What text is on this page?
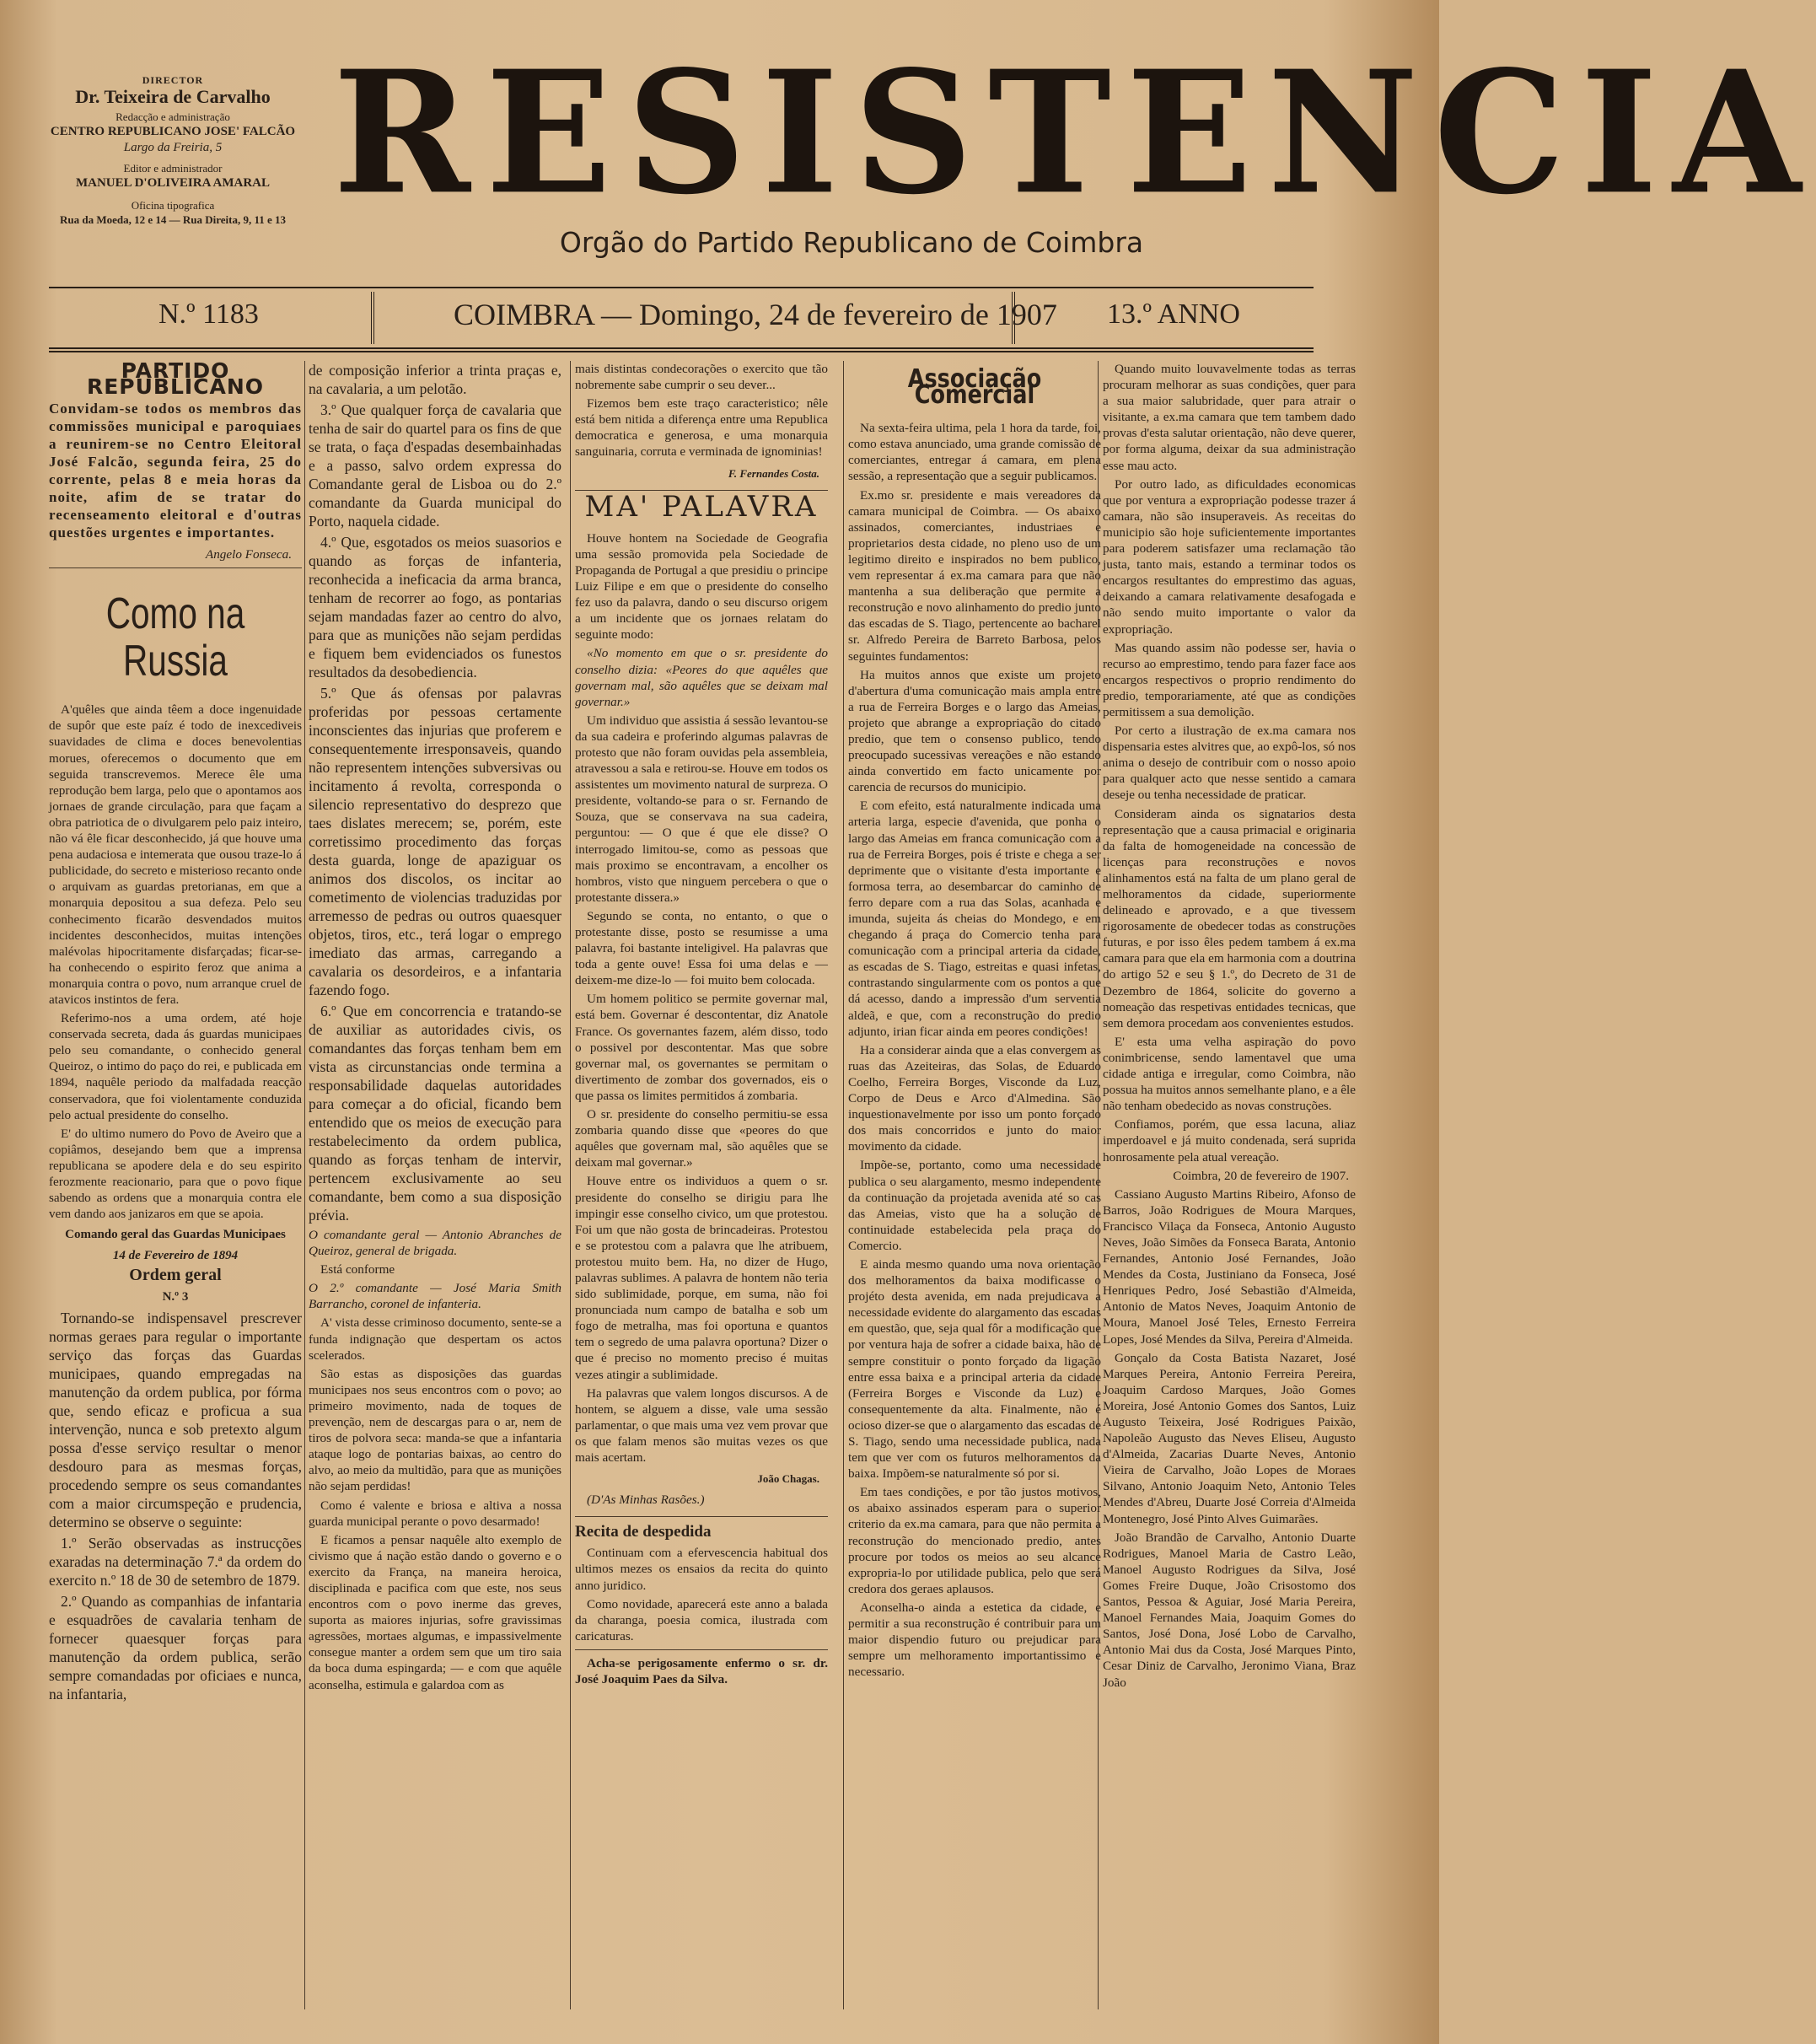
DIRECTOR
Dr. Teixeira de Carvalho
Redacção e administração
CENTRO REPUBLICANO JOSE' FALCÃO
Largo da Freiria, 5
Editor e administrador
MANUEL D'OLIVEIRA AMARAL
Oficina tipografica
Rua da Moeda, 12 e 14 — Rua Direita, 9, 11 e 13 RESISTENCIA
Orgão do Partido Republicano de Coimbra
N.º 1183	COIMBRA — Domingo, 24 de fevereiro de 1907 13.º ANNO
PARTIDO REPUBLICANO
Convidam-se todos os membros das commissões municipal e paroquiaes a reunirem-se no Centro Eleitoral José Falcão, segunda feira, 25 do corrente, pelas 8 e meia horas da noite, afim de se tratar do recenseamento eleitoral e d'outras questões urgentes e importantes.
Angelo Fonseca.
Como na Russia

A'quêles que ainda têem a doce ingenuidade de supôr que este paíz é todo de inexcediveis suavidades de clima e doces benevolentias morues, oferecemos o documento que em seguida transcrevemos. Merece êle uma reprodução bem larga, pelo que o apontamos aos jornaes de grande circulação, para que façam a obra patriotica de o divulgarem pelo paiz inteiro, não vá êle ficar desconhecido, já que houve uma pena audaciosa e intemerata que ousou traze-lo á publicidade, do secreto e misterioso recanto onde o arquivam as guardas pretorianas, em que a monarquia depositou a sua defeza. Pelo seu conhecimento ficarão desvendados muitos incidentes desconhecidos, muitas intenções malévolas hipocritamente disfarçadas; ficar-se-ha conhecendo o espirito feroz que anima a monarquia contra o povo, num arranque cruel de atavicos instintos de fera.

Referimo-nos a uma ordem, até hoje conservada secreta, dada ás guardas municipaes pelo seu comandante, o conhecido general Queiroz, o intimo do paço do rei, e publicada em 1894, naquêle periodo da malfadada reacção conservadora, que foi violentamente conduzida pelo actual presidente do conselho.

E' do ultimo numero do Povo de Aveiro que a copiâmos, desejando bem que a imprensa republicana se apodere dela e do seu espirito ferozmente reacionario, para que o povo fique sabendo as ordens que a monarquia contra ele vem dando aos janizaros em que se apoia.

Comando geral das Guardas Municipaes
14 de Fevereiro de 1894
Ordem geral
N.º 3

Tornando-se indispensavel prescrever normas geraes para regular o importante serviço das forças das Guardas municipaes, quando empregadas na manutenção da ordem publica, por fórma que, sendo eficaz e proficua a sua intervenção, nunca e sob pretexto algum possa d'esse serviço resultar o menor desdouro para as mesmas forças, procedendo sempre os seus comandantes com a maior circumspeção e prudencia, determino se observe o seguinte:

1.º Serão observadas as instrucções exaradas na determinação 7.ª da ordem do exercito n.º 18 de 30 de setembro de 1879.

2.º Quando as companhias de infantaria e esquadrões de cavalaria tenham de fornecer quaesquer forças para manutenção da ordem publica, serão sempre comandadas por oficiaes e nunca, na infantaria,

de composição inferior a trinta praças e, na cavalaria, a um pelotão.

3.º Que qualquer força de cavalaria que tenha de sair do quartel para os fins de que se trata, o faça d'espadas desembainhadas e a passo, salvo ordem expressa do Comandante geral de Lisboa ou do 2.º comandante da Guarda municipal do Porto, naquela cidade.

4.º Que, esgotados os meios suasorios e quando as forças de infanteria, reconhecida a ineficacia da arma branca, tenham de recorrer ao fogo, as pontarias sejam mandadas fazer ao centro do alvo, para que as munições não sejam perdidas e fiquem bem evidenciados os funestos resultados da desobediencia.

5.º Que ás ofensas por palavras proferidas por pessoas certamente inconscientes das injurias que proferem e consequentemente irresponsaveis, quando não representem intenções subversivas ou incitamento á revolta, corresponda o silencio representativo do desprezo que taes dislates merecem; se, porém, este corretissimo procedimento das forças desta guarda, longe de apaziguar os animos dos discolos, os incitar ao cometimento de violencias traduzidas por arremesso de pedras ou outros quaesquer objetos, tiros, etc., terá logar o emprego imediato das armas, carregando a cavalaria os desordeiros, e a infantaria fazendo fogo.

6.º Que em concorrencia e tratando-se de auxiliar as autoridades civis, os comandantes das forças tenham bem em vista as circunstancias onde termina a responsabilidade daquelas autoridades para começar a do oficial, ficando bem entendido que os meios de execução para restabelecimento da ordem publica, quando as forças tenham de intervir, pertencem exclusivamente ao seu comandante, bem como a sua disposição prévia.

O comandante geral — Antonio Abranches de Queiroz, general de brigada.

Está conforme

O 2.º comandante — José Maria Smith Barrancho, coronel de infanteria.

A' vista desse criminoso documento, sente-se a funda indignação que despertam os actos scelerados.

São estas as disposições das guardas municipaes nos seus encontros com o povo; ao primeiro movimento, nada de toques de prevenção, nem de descargas para o ar, nem de tiros de polvora seca: manda-se que a infantaria ataque logo de pontarias baixas, ao centro do alvo, ao meio da multidão, para que as munições não sejam perdidas!

Como é valente e briosa e altiva a nossa guarda municipal perante o povo desarmado!

E ficamos a pensar naquêle alto exemplo de civismo que á nação estão dando o governo e o exercito da França, na maneira heroica, disciplinada e pacifica com que este, nos seus encontros com o povo inerme das greves, suporta as maiores injurias, sofre gravissimas agressões, mortaes algumas, e impassivelmente consegue manter a ordem sem que um tiro saia da boca duma espingarda; — e com que aquêle aconselha, estimula e galardoa com as

mais distintas condecorações o exercito que tão nobremente sabe cumprir o seu dever...

Fizemos bem este traço caracteristico; nêle está bem nitida a diferença entre uma Republica democratica e generosa, e uma monarquia sanguinaria, corruta e verminada de ignominias!

F. Fernandes Costa.
MA' PALAVRA

Houve hontem na Sociedade de Geografia uma sessão promovida pela Sociedade de Propaganda de Portugal a que presidiu o principe Luiz Filipe e em que o presidente do conselho fez uso da palavra, dando o seu discurso origem a um incidente que os jornaes relatam do seguinte modo:

«No momento em que o sr. presidente do conselho dizia: «Peores do que aquêles que governam mal, são aquêles que se deixam mal governar.»

Um individuo que assistia á sessão levantou-se da sua cadeira e proferindo algumas palavras de protesto que não foram ouvidas pela assembleia, atravessou a sala e retirou-se. Houve em todos os assistentes um movimento natural de surpreza. O presidente, voltando-se para o sr. Fernando de Souza, que se conservava na sua cadeira, perguntou: — O que é que ele disse? O interrogado limitou-se, como as pessoas que mais proximo se encontravam, a encolher os hombros, visto que ninguem percebera o que o protestante dissera.»

Segundo se conta, no entanto, o que o protestante disse, posto se resumisse a uma palavra, foi bastante inteligivel. Ha palavras que toda a gente ouve! Essa foi uma delas e — deixem-me dize-lo — foi muito bem colocada.

Um homem politico se permite governar mal, está bem. Governar é descontentar, diz Anatole France. Os governantes fazem, além disso, todo o possivel por descontentar. Mas que sobre governar mal, os governantes se permitam o divertimento de zombar dos governados, eis o que passa os limites permitidos á zombaria.

O sr. presidente do conselho permitiu-se essa zombaria quando disse que «peores do que aquêles que governam mal, são aquêles que se deixam mal governar.»

Houve entre os individuos a quem o sr. presidente do conselho se dirigiu para lhe impingir esse conselho civico, um que protestou. Foi um que não gosta de brincadeiras. Protestou e se protestou com a palavra que lhe atribuem, protestou muito bem. Ha, no dizer de Hugo, palavras sublimes. A palavra de hontem não teria sido sublimidade, porque, em suma, não foi pronunciada num campo de batalha e sob um fogo de metralha, mas foi oportuna e quantos tem o segredo de uma palavra oportuna? Dizer o que é preciso no momento preciso é muitas vezes atingir a sublimidade.

Ha palavras que valem longos discursos. A de hontem, se alguem a disse, vale uma sessão parlamentar, o que mais uma vez vem provar que os que falam menos são muitas vezes os que mais acertam.

João Chagas.

(D'As Minhas Rasões.)

Recita de despedida

Continuam com a efervescencia habitual dos ultimos mezes os ensaios da recita do quinto anno juridico.

Como novidade, aparecerá este anno a balada da charanga, poesia comica, ilustrada com caricaturas.

Acha-se perigosamente enfermo o sr. dr. José Joaquim Paes da Silva.

Associação Comercial

Na sexta-feira ultima, pela 1 hora da tarde, foi, como estava anunciado, uma grande comissão de comerciantes, entregar á camara, em plena sessão, a representação que a seguir publicamos.

Ex.mo sr. presidente e mais vereadores da camara municipal de Coimbra. — Os abaixo assinados, comerciantes, industriaes e proprietarios desta cidade, no pleno uso de um legitimo direito e inspirados no bem publico, vem representar á ex.ma camara para que não mantenha a sua deliberação que permite a reconstrução e novo alinhamento do predio junto das escadas de S. Tiago, pertencente ao bacharel sr. Alfredo Pereira de Barreto Barbosa, pelos seguintes fundamentos:

Ha muitos annos que existe um projeto d'abertura d'uma comunicação mais ampla entre a rua de Ferreira Borges e o largo das Ameias, projeto que abrange a expropriação do citado predio, que tem o consenso publico, tendo preocupado sucessivas vereações e não estando ainda convertido em facto unicamente por carencia de recursos do municipio.

E com efeito, está naturalmente indicada uma arteria larga, especie d'avenida, que ponha o largo das Ameias em franca comunicação com a rua de Ferreira Borges, pois é triste e chega a ser deprimente que o visitante d'esta importante e formosa terra, ao desembarcar do caminho de ferro depare com a rua das Solas, acanhada e imunda, sujeita ás cheias do Mondego, e em chegando á praça do Comercio tenha para comunicação com a principal arteria da cidade, as escadas de S. Tiago, estreitas e quasi infetas, contrastando singularmente com os pontos a que dá acesso, dando a impressão d'um serventia aldeã, e que, com a reconstrução do predio adjunto, irian ficar ainda em peores condições!

Ha a considerar ainda que a elas convergem as ruas das Azeiteiras, das Solas, de Eduardo Coelho, Ferreira Borges, Visconde da Luz, Corpo de Deus e Arco d'Almedina. São inquestionavelmente por isso um ponto forçado dos mais concorridos e junto do maior movimento da cidade.

Impõe-se, portanto, como uma necessidade publica o seu alargamento, mesmo independente da continuação da projetada avenida até so cas das Ameias, visto que ha a solução de continuidade estabelecida pela praça do Comercio.

E ainda mesmo quando uma nova orientação dos melhoramentos da baixa modificasse o projéto desta avenida, em nada prejudicava a necessidade evidente do alargamento das escadas em questão, que, seja qual fôr a modificação que por ventura haja de sofrer a cidade baixa, hão de sempre constituir o ponto forçado da ligação entre essa baixa e a principal arteria da cidade (Ferreira Borges e Visconde da Luz) e consequentemente da alta. Finalmente, não é ocioso dizer-se que o alargamento das escadas de S. Tiago, sendo uma necessidade publica, nada tem que ver com os futuros melhoramentos da baixa. Impõem-se naturalmente só por si.

Em taes condições, e por tão justos motivos, os abaixo assinados esperam para o superior criterio da ex.ma camara, para que não permita a reconstrução do mencionado predio, antes procure por todos os meios ao seu alcance expropria-lo por utilidade publica, pelo que será credora dos geraes aplausos.

Aconselha-o ainda a estetica da cidade, e permitir a sua reconstrução é contribuir para um maior dispendio futuro ou prejudicar para sempre um melhoramento importantissimo e necessario.

Quando muito louvavelmente todas as terras procuram melhorar as suas condições, quer para a sua maior salubridade, quer para atrair o visitante, a ex.ma camara que tem tambem dado provas d'esta salutar orientação, não deve querer, por forma alguma, deixar da sua administração esse mau acto.

Por outro lado, as dificuldades economicas que por ventura a expropriação podesse trazer á camara, não são insuperaveis. As receitas do municipio são hoje suficientemente importantes para poderem satisfazer uma reclamação tão justa, tanto mais, estando a terminar todos os encargos resultantes do emprestimo das aguas, deixando a camara relativamente desafogada e não sendo muito importante o valor da expropriação.

Mas quando assim não podesse ser, havia o recurso ao emprestimo, tendo para fazer face aos encargos respectivos o proprio rendimento do predio, temporariamente, até que as condições permitissem a sua demolição.

Por certo a ilustração de ex.ma camara nos dispensaria estes alvitres que, ao expô-los, só nos anima o desejo de contribuir com o nosso apoio para qualquer acto que nesse sentido a camara deseje ou tenha necessidade de praticar.

Consideram ainda os signatarios desta representação que a causa primacial e originaria da falta de homogeneidade na concessão de licenças para reconstruções e novos alinhamentos está na falta de um plano geral de melhoramentos da cidade, superiormente delineado e aprovado, e a que tivessem rigorosamente de obedecer todas as construções futuras, e por isso êles pedem tambem á ex.ma camara para que ela em harmonia com a doutrina do artigo 52 e seu § 1.º, do Decreto de 31 de Dezembro de 1864, solicite do governo a nomeação das respetivas entidades tecnicas, que sem demora procedam aos convenientes estudos.

E' esta uma velha aspiração do povo conimbricense, sendo lamentavel que uma cidade antiga e irregular, como Coimbra, não possua ha muitos annos semelhante plano, e a êle não tenham obedecido as novas construções.

Confiamos, porém, que essa lacuna, aliaz imperdoavel e já muito condenada, será suprida honrosamente pela atual vereação.

Coimbra, 20 de fevereiro de 1907.

Cassiano Augusto Martins Ribeiro, Afonso de Barros, João Rodrigues de Moura Marques, Francisco Vilaça da Fonseca, Antonio Augusto Neves, João Simões da Fonseca Barata, Antonio Fernandes, Antonio José Fernandes, João Mendes da Costa, Justiniano da Fonseca, José Henriques Pedro, José Sebastião d'Almeida, Antonio de Matos Neves, Joaquim Antonio de Moura, Manoel José Teles, Ernesto Ferreira Lopes, José Mendes da Silva, Pereira d'Almeida.

Gonçalo da Costa Batista Nazaret, José Marques Pereira, Antonio Ferreira Pereira, Joaquim Cardoso Marques, João Gomes Moreira, José Antonio Gomes dos Santos, Luiz Augusto Teixeira, José Rodrigues Paixão, Napoleão Augusto das Neves Eliseu, Augusto d'Almeida, Zacarias Duarte Neves, Antonio Vieira de Carvalho, João Lopes de Moraes Silvano, Antonio Joaquim Neto, Antonio Teles Mendes d'Abreu, Duarte José Correia d'Almeida Montenegro, José Pinto Alves Guimarães.

João Brandão de Carvalho, Antonio Duarte Rodrigues, Manoel Maria de Castro Leão, Manoel Augusto Rodrigues da Silva, José Gomes Freire Duque, João Crisostomo dos Santos, Pessoa & Aguiar, José Maria Pereira, Manoel Fernandes Maia, Joaquim Gomes do Santos, José Dona, José Lobo de Carvalho, Antonio Mai dus da Costa, José Marques Pinto, Cesar Diniz de Carvalho, Jeronimo Viana, Braz João
